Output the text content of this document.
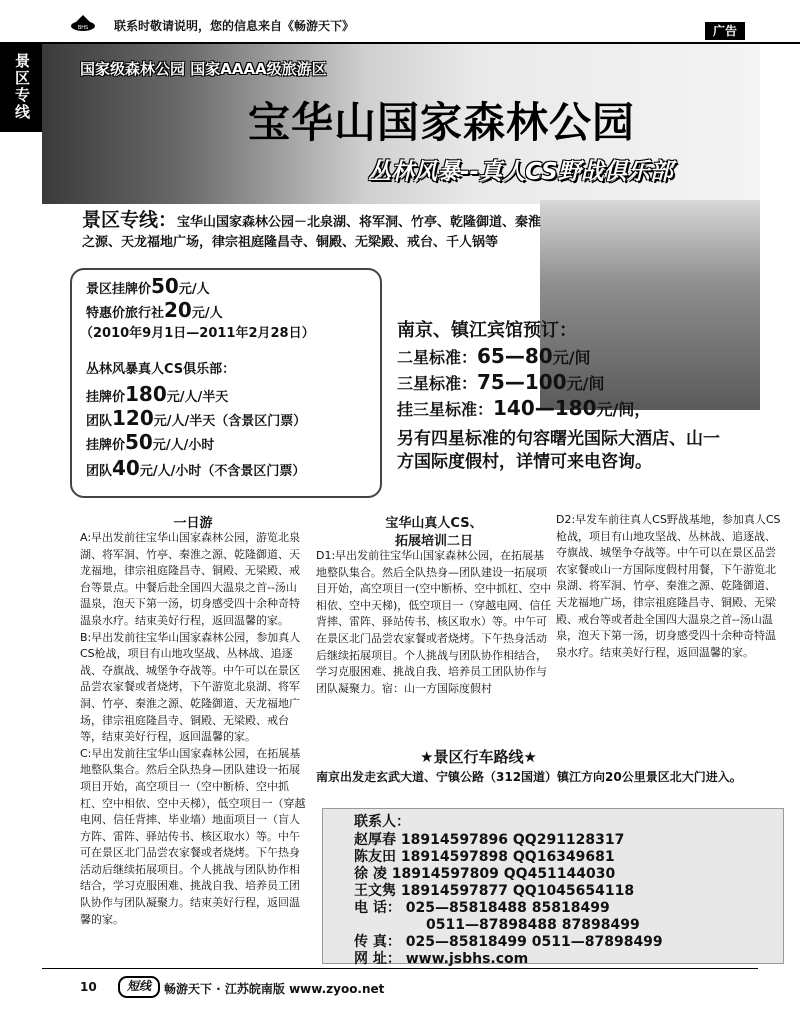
BHS 联系时敬请说明，您的信息来自《畅游天下》	广告
景区专线	国家级森林公园 国家AAAA级旅游区
宝华山国家森林公园
丛林风暴--真人CS野战俱乐部
景区专线：宝华山国家森林公园－北泉湖、将军洞、竹亭、乾隆御道、秦淮之源、天龙福地广场，律宗祖庭隆昌寺、铜殿、无梁殿、戒台、千人锅等
景区挂牌价50元/人
特惠价旅行社20元/人
（2010年9月1日—2011年2月28日）
丛林风暴真人CS俱乐部：
挂牌价180元/人/半天
团队120元/人/半天（含景区门票）
挂牌价50元/人/小时
团队40元/人/小时（不含景区门票）
南京、镇江宾馆预订：
二星标准：65—80元/间
三星标准：75—100元/间
挂三星标准：140—180元/间，
另有四星标准的句容曙光国际大酒店、山一方国际度假村，详情可来电咨询。
一日游
A:早出发前往宝华山国家森林公园，游览北泉湖、将军洞、竹亭、秦淮之源、乾隆御道、天龙福地，律宗祖庭隆昌寺、铜殿、无梁殿、戒台等景点。中餐后赴全国四大温泉之首--汤山温泉，泡天下第一汤，切身感受四十余种奇特温泉水疗。结束美好行程，返回温馨的家。
B:早出发前往宝华山国家森林公园，参加真人CS枪战，项目有山地攻坚战、丛林战、追逐战、夺旗战、城堡争夺战等。中午可以在景区品尝农家餐或者烧烤，下午游览北泉湖、将军洞、竹亭、秦淮之源、乾隆御道、天龙福地广场，律宗祖庭隆昌寺、铜殿、无梁殿、戒台等，结束美好行程，返回温馨的家。
C:早出发前往宝华山国家森林公园，在拓展基地整队集合。然后全队热身—团队建设一拓展项目开始，高空项目一（空中断桥、空中抓杠、空中相依、空中天梯），低空项目一（穿越电网、信任背摔、毕业墙）地面项目一（盲人方阵、雷阵、驿站传书、核区取水）等。中午可在景区北门品尝农家餐或者烧烤。下午热身活动后继续拓展项目。个人挑战与团队协作相结合，学习克服困难、挑战自我、培养员工团队协作与团队凝聚力。结束美好行程，返回温馨的家。
宝华山真人CS、
拓展培训二日
D1:早出发前往宝华山国家森林公园，在拓展基地整队集合。然后全队热身—团队建设一拓展项目开始，高空项目一(空中断桥、空中抓杠、空中相依、空中天梯)，低空项目一（穿越电网、信任背摔、雷阵、驿站传书、核区取水）等。中午可在景区北门品尝农家餐或者烧烤。下午热身活动后继续拓展项目。个人挑战与团队协作相结合，学习克服困难、挑战自我、培养员工团队协作与团队凝聚力。宿：山一方国际度假村
D2:早发车前往真人CS野战基地，参加真人CS枪战，项目有山地攻坚战、丛林战、追逐战、夺旗战、城堡争夺战等。中午可以在景区品尝农家餐或山一方国际度假村用餐，下午游览北泉湖、将军洞、竹亭、秦淮之源、乾隆御道、天龙福地广场，律宗祖庭隆昌寺、铜殿、无梁殿、戒台等或者赴全国四大温泉之首--汤山温泉，泡天下第一汤，切身感受四十余种奇特温泉水疗。结束美好行程，返回温馨的家。
★景区行车路线★
南京出发走玄武大道、宁镇公路（312国道）镇江方向20公里景区北大门进入。
联系人：
赵厚春 18914597896 QQ291128317
陈友田 18914597898 QQ16349681
徐 凌 18914597809 QQ451144030
王文隽 18914597877 QQ1045654118
电 话： 025—85818488 85818499
0511—87898488 87898499
传 真： 025—85818499 0511—87898499
网 址： www.jsbhs.com
10	短线	畅游天下 · 江苏皖南版 www.zyoo.net
